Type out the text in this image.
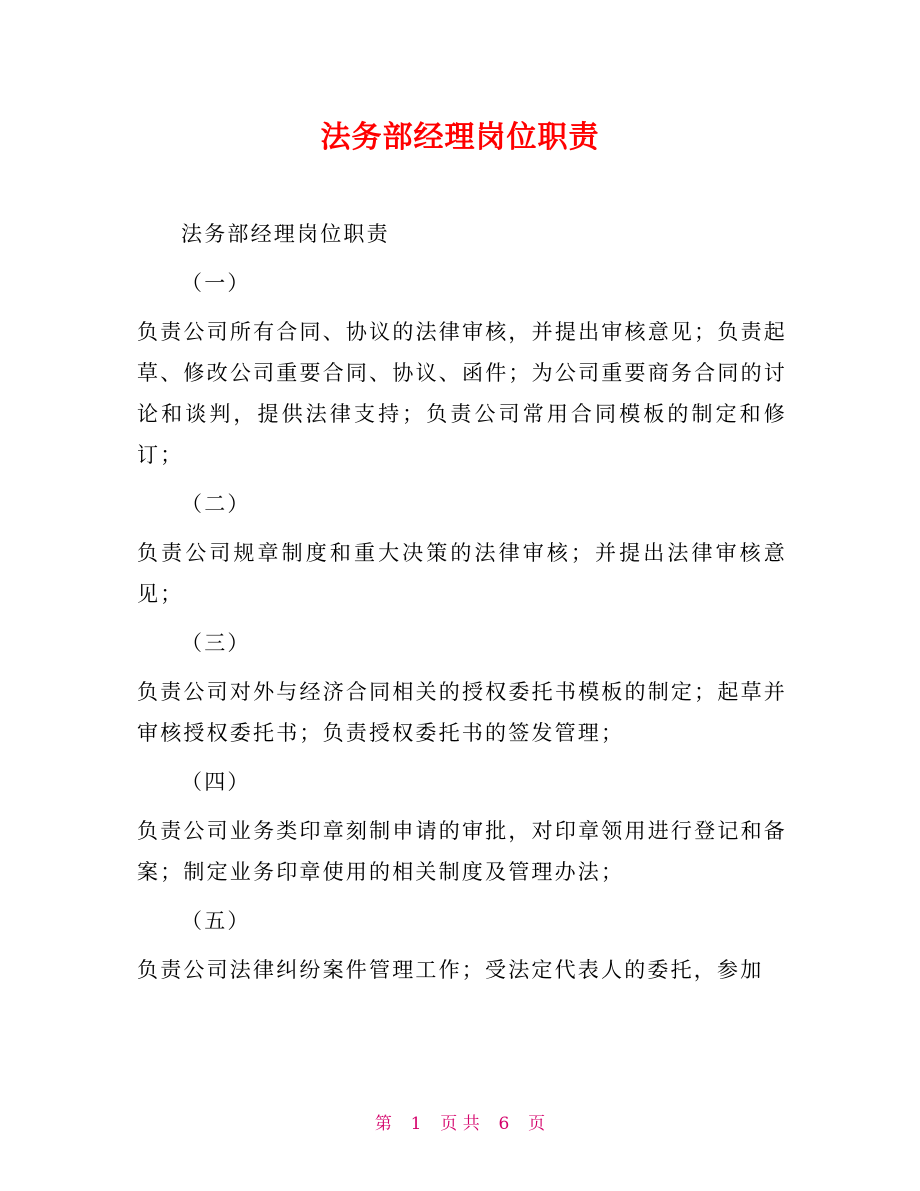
法务部经理岗位职责

法务部经理岗位职责

（一）

负责公司所有合同、协议的法律审核，并提出审核意见；负责起草、修改公司重要合同、协议、函件；为公司重要商务合同的讨论和谈判，提供法律支持；负责公司常用合同模板的制定和修订；

（二）

负责公司规章制度和重大决策的法律审核；并提出法律审核意见；

（三）

负责公司对外与经济合同相关的授权委托书模板的制定；起草并审核授权委托书；负责授权委托书的签发管理；

（四）

负责公司业务类印章刻制申请的审批，对印章领用进行登记和备案；制定业务印章使用的相关制度及管理办法；

（五）

负责公司法律纠纷案件管理工作；受法定代表人的委托，参加

第 1 页 共 6 页
